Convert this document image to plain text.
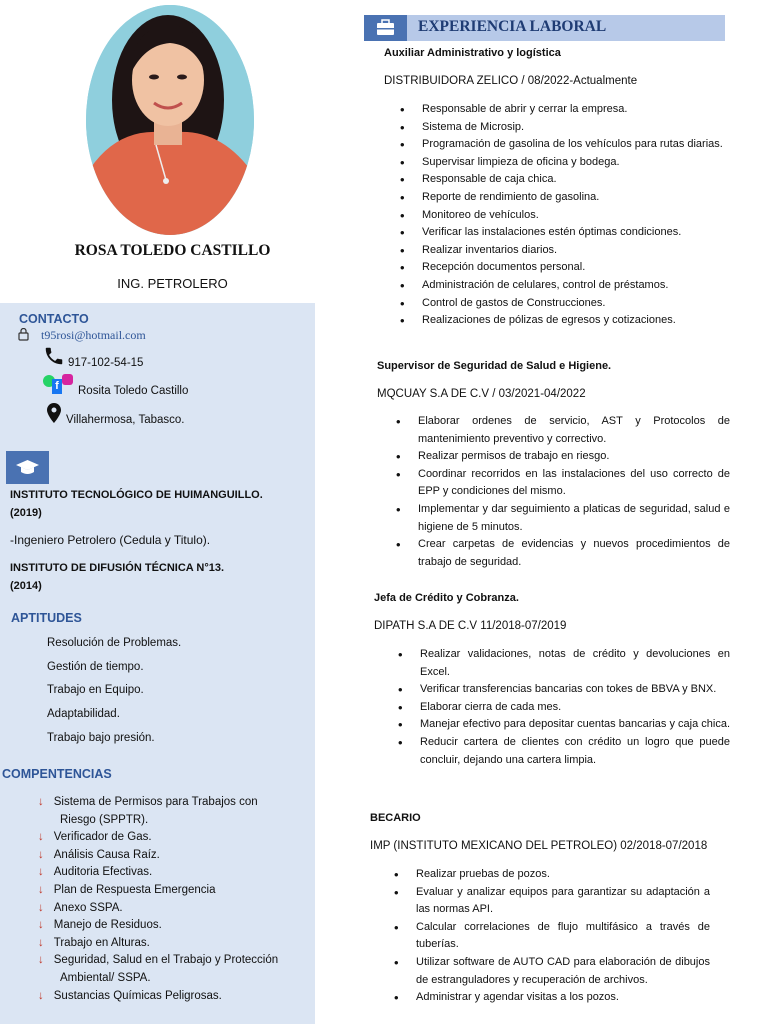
ROSA TOLEDO CASTILLO
ING. PETROLERO
CONTACTO
t95rosi@hotmail.com
917-102-54-15
f Rosita Toledo Castillo
Villahermosa, Tabasco.
INSTITUTO TECNOLÓGICO DE HUIMANGUILLO.
(2019)
-Ingeniero Petrolero (Cedula y Titulo).
INSTITUTO DE DIFUSIÓN TÉCNICA N°13.
(2014)
APTITUDES
Resolución de Problemas.
Gestión de tiempo.
Trabajo en Equipo.
Adaptabilidad.
Trabajo bajo presión.
COMPENTENCIAS
↓ Sistema de Permisos para Trabajos con
Riesgo (SPPTR).
↓ Verificador de Gas.
↓ Análisis Causa Raíz.
↓ Auditoria Efectivas.
↓ Plan de Respuesta Emergencia
↓ Anexo SSPA.
↓ Manejo de Residuos.
↓ Trabajo en Alturas.
↓ Seguridad, Salud en el Trabajo y Protección
Ambiental/ SSPA.
↓ Sustancias Químicas Peligrosas.
EXPERIENCIA LABORAL
Auxiliar Administrativo y logística
DISTRIBUIDORA ZELICO / 08/2022-Actualmente
• Responsable de abrir y cerrar la empresa.
• Sistema de Microsip.
• Programación de gasolina de los vehículos para rutas diarias.
• Supervisar limpieza de oficina y bodega.
• Responsable de caja chica.
• Reporte de rendimiento de gasolina.
• Monitoreo de vehículos.
• Verificar las instalaciones estén óptimas condiciones.
• Realizar inventarios diarios.
• Recepción documentos personal.
• Administración de celulares, control de préstamos.
• Control de gastos de Construcciones.
• Realizaciones de pólizas de egresos y cotizaciones.
Supervisor de Seguridad de Salud e Higiene.
MQCUAY S.A DE C.V / 03/2021-04/2022
• Elaborar ordenes de servicio, AST y Protocolos de mantenimiento preventivo y correctivo.
• Realizar permisos de trabajo en riesgo.
• Coordinar recorridos en las instalaciones del uso correcto de EPP y condiciones del mismo.
• Implementar y dar seguimiento a platicas de seguridad, salud e higiene de 5 minutos.
• Crear carpetas de evidencias y nuevos procedimientos de trabajo de seguridad.
Jefa de Crédito y Cobranza.
DIPATH S.A DE C.V 11/2018-07/2019
• Realizar validaciones, notas de crédito y devoluciones en Excel.
• Verificar transferencias bancarias con tokes de BBVA y BNX.
• Elaborar cierra de cada mes.
• Manejar efectivo para depositar cuentas bancarias y caja chica.
• Reducir cartera de clientes con crédito un logro que puede concluir, dejando una cartera limpia.
BECARIO
IMP (INSTITUTO MEXICANO DEL PETROLEO) 02/2018-07/2018
• Realizar pruebas de pozos.
• Evaluar y analizar equipos para garantizar su adaptación a las normas API.
• Calcular correlaciones de flujo multifásico a través de tuberías.
• Utilizar software de AUTO CAD para elaboración de dibujos de estranguladores y recuperación de archivos.
• Administrar y agendar visitas a los pozos.
